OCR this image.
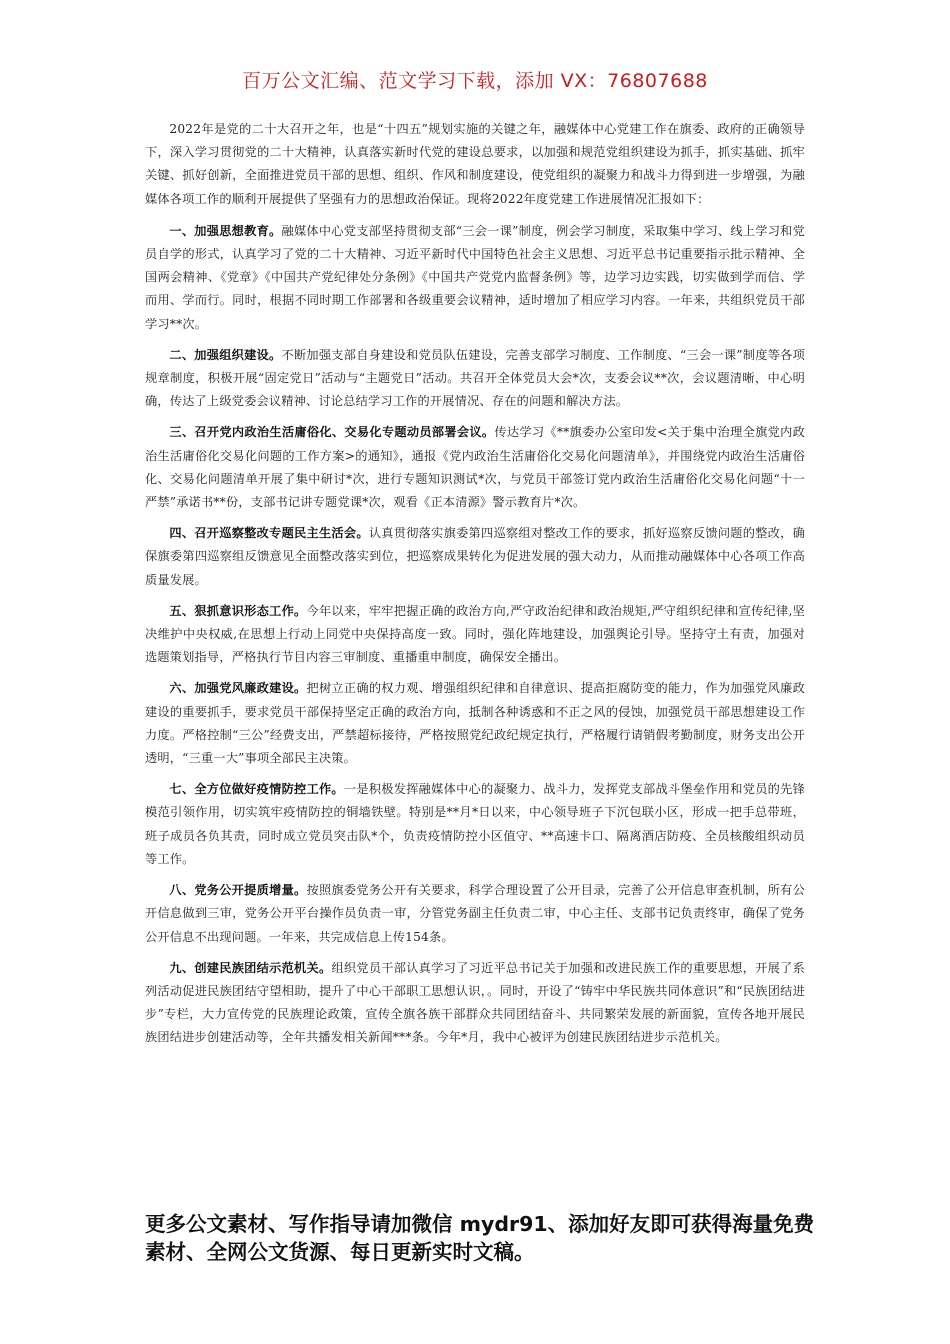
百万公文汇编、范文学习下载，添加 VX：76807688

2022年是党的二十大召开之年，也是“十四五”规划实施的关键之年，融媒体中心党建工作在旗委、政府的正确领导下，深入学习贯彻党的二十大精神，认真落实新时代党的建设总要求，以加强和规范党组织建设为抓手，抓实基础、抓牢关键、抓好创新，全面推进党员干部的思想、组织、作风和制度建设，使党组织的凝聚力和战斗力得到进一步增强，为融媒体各项工作的顺利开展提供了坚强有力的思想政治保证。现将2022年度党建工作进展情况汇报如下：

一、加强思想教育。融媒体中心党支部坚持贯彻支部“三会一课”制度，例会学习制度，采取集中学习、线上学习和党员自学的形式，认真学习了党的二十大精神、习近平新时代中国特色社会主义思想、习近平总书记重要指示批示精神、全国两会精神、《党章》《中国共产党纪律处分条例》《中国共产党党内监督条例》等，边学习边实践，切实做到学而信、学而用、学而行。同时，根据不同时期工作部署和各级重要会议精神，适时增加了相应学习内容。一年来，共组织党员干部学习**次。

二、加强组织建设。不断加强支部自身建设和党员队伍建设，完善支部学习制度、工作制度、“三会一课”制度等各项规章制度，积极开展“固定党日”活动与“主题党日”活动。共召开全体党员大会*次，支委会议**次，会议题清晰，中心明确，传达了上级党委会议精神、讨论总结学习工作的开展情况、存在的问题和解决方法。

三、召开党内政治生活庸俗化、交易化专题动员部署会议。传达学习《**旗委办公室印发<关于集中治理全旗党内政治生活庸俗化交易化问题的工作方案>的通知》，通报《党内政治生活庸俗化交易化问题清单》，并围绕党内政治生活庸俗化、交易化问题清单开展了集中研讨*次，进行专题知识测试*次，与党员干部签订党内政治生活庸俗化交易化问题“十一严禁”承诺书**份，支部书记讲专题党课*次，观看《正本清源》警示教育片*次。

四、召开巡察整改专题民主生活会。认真贯彻落实旗委第四巡察组对整改工作的要求，抓好巡察反馈问题的整改，确保旗委第四巡察组反馈意见全面整改落实到位，把巡察成果转化为促进发展的强大动力，从而推动融媒体中心各项工作高质量发展。

五、狠抓意识形态工作。今年以来，牢牢把握正确的政治方向,严守政治纪律和政治规矩,严守组织纪律和宣传纪律,坚决维护中央权威,在思想上行动上同党中央保持高度一致。同时，强化阵地建设，加强舆论引导。坚持守土有责，加强对选题策划指导，严格执行节目内容三审制度、重播重申制度，确保安全播出。

六、加强党风廉政建设。把树立正确的权力观、增强组织纪律和自律意识、提高拒腐防变的能力，作为加强党风廉政建设的重要抓手，要求党员干部保持坚定正确的政治方向，抵制各种诱惑和不正之风的侵蚀，加强党员干部思想建设工作力度。严格控制“三公”经费支出，严禁超标接待，严格按照党纪政纪规定执行，严格履行请销假考勤制度，财务支出公开透明，“三重一大”事项全部民主决策。

七、全方位做好疫情防控工作。一是积极发挥融媒体中心的凝聚力、战斗力，发挥党支部战斗堡垒作用和党员的先锋模范引领作用，切实筑牢疫情防控的铜墙铁壁。特别是**月*日以来，中心领导班子下沉包联小区，形成一把手总带班，班子成员各负其责，同时成立党员突击队*个，负责疫情防控小区值守、**高速卡口、隔离酒店防疫、全员核酸组织动员等工作。

八、党务公开提质增量。按照旗委党务公开有关要求，科学合理设置了公开目录，完善了公开信息审查机制，所有公开信息做到三审，党务公开平台操作员负责一审，分管党务副主任负责二审，中心主任、支部书记负责终审，确保了党务公开信息不出现问题。一年来，共完成信息上传154条。

九、创建民族团结示范机关。组织党员干部认真学习了习近平总书记关于加强和改进民族工作的重要思想，开展了系列活动促进民族团结守望相助，提升了中心干部职工思想认识，。同时，开设了“铸牢中华民族共同体意识”和“民族团结进步”专栏，大力宣传党的民族理论政策，宣传全旗各族干部群众共同团结奋斗、共同繁荣发展的新面貌，宣传各地开展民族团结进步创建活动等，全年共播发相关新闻***条。今年*月，我中心被评为创建民族团结进步示范机关。

更多公文素材、写作指导请加微信 mydr91、添加好友即可获得海量免费素材、全网公文货源、每日更新实时文稿。
